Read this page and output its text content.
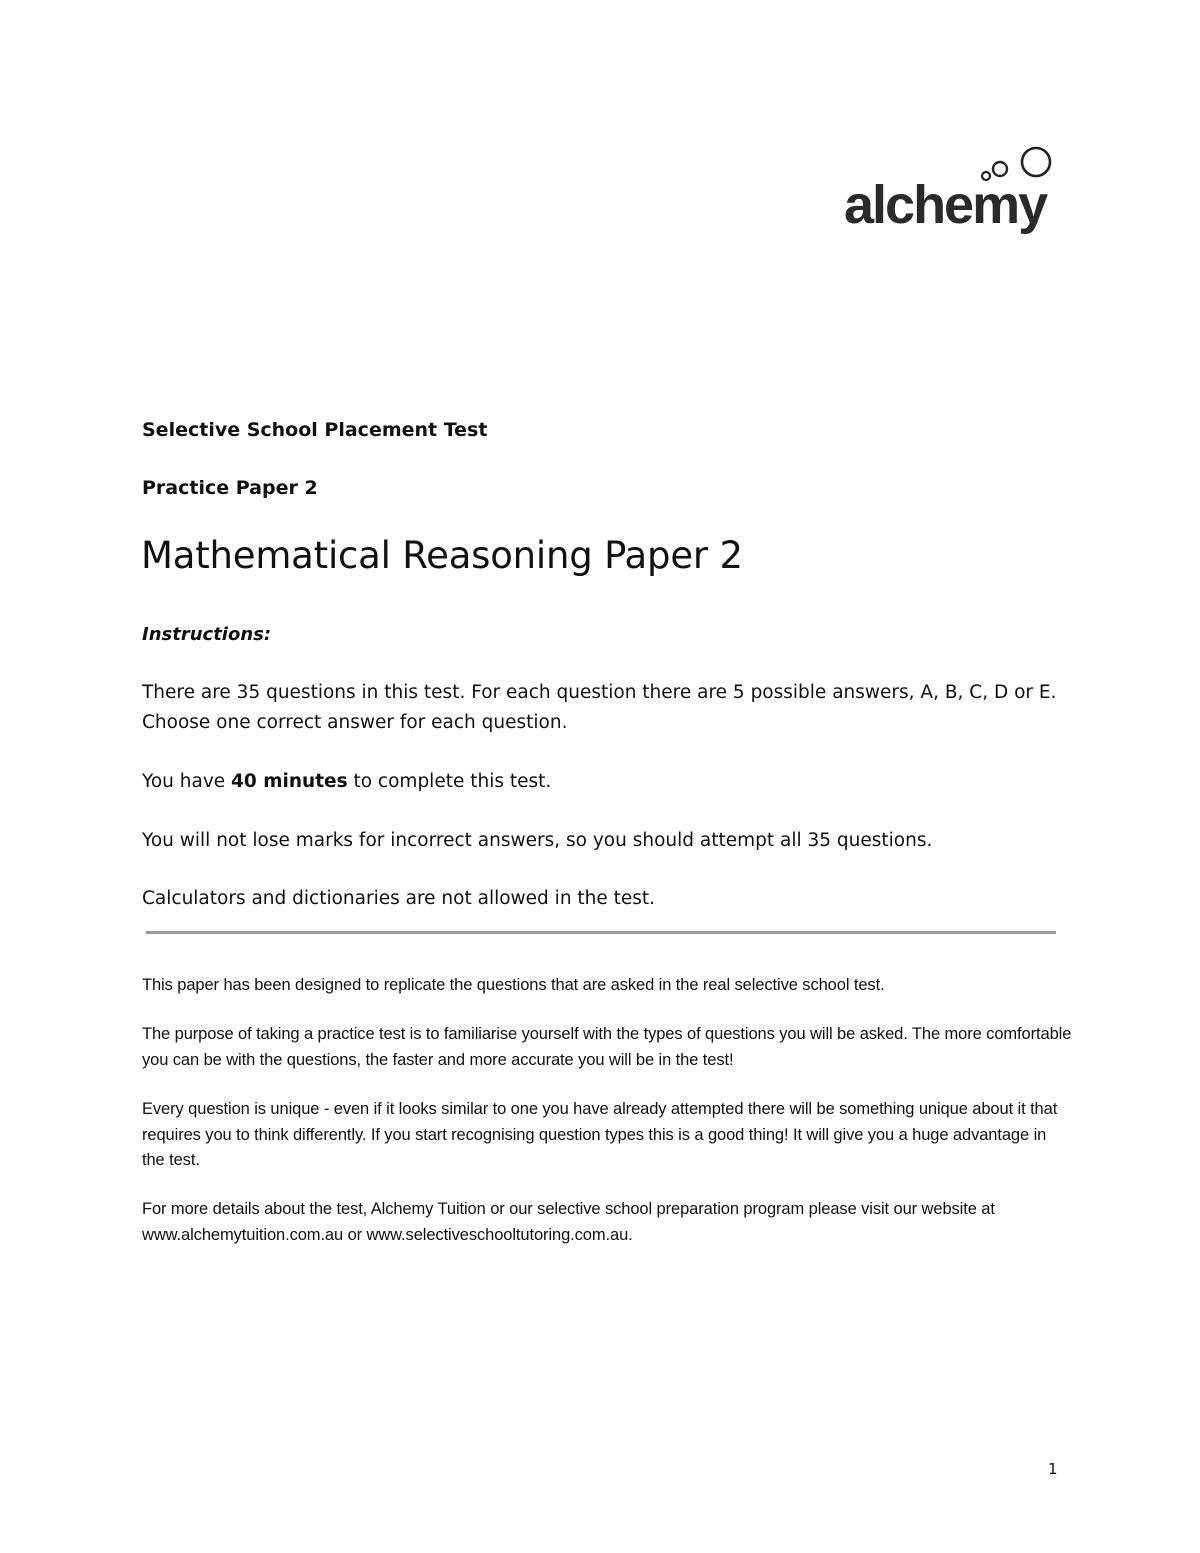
alchemy

Selective School Placement Test

Practice Paper 2

Mathematical Reasoning Paper 2

Instructions:

There are 35 questions in this test. For each question there are 5 possible answers, A, B, C, D or E. Choose one correct answer for each question.

You have 40 minutes to complete this test.

You will not lose marks for incorrect answers, so you should attempt all 35 questions.

Calculators and dictionaries are not allowed in the test.

This paper has been designed to replicate the questions that are asked in the real selective school test.

The purpose of taking a practice test is to familiarise yourself with the types of questions you will be asked. The more comfortable you can be with the questions, the faster and more accurate you will be in the test!

Every question is unique - even if it looks similar to one you have already attempted there will be something unique about it that requires you to think differently. If you start recognising question types this is a good thing! It will give you a huge advantage in the test.

For more details about the test, Alchemy Tuition or our selective school preparation program please visit our website at www.alchemytuition.com.au or www.selectiveschooltutoring.com.au.

1
